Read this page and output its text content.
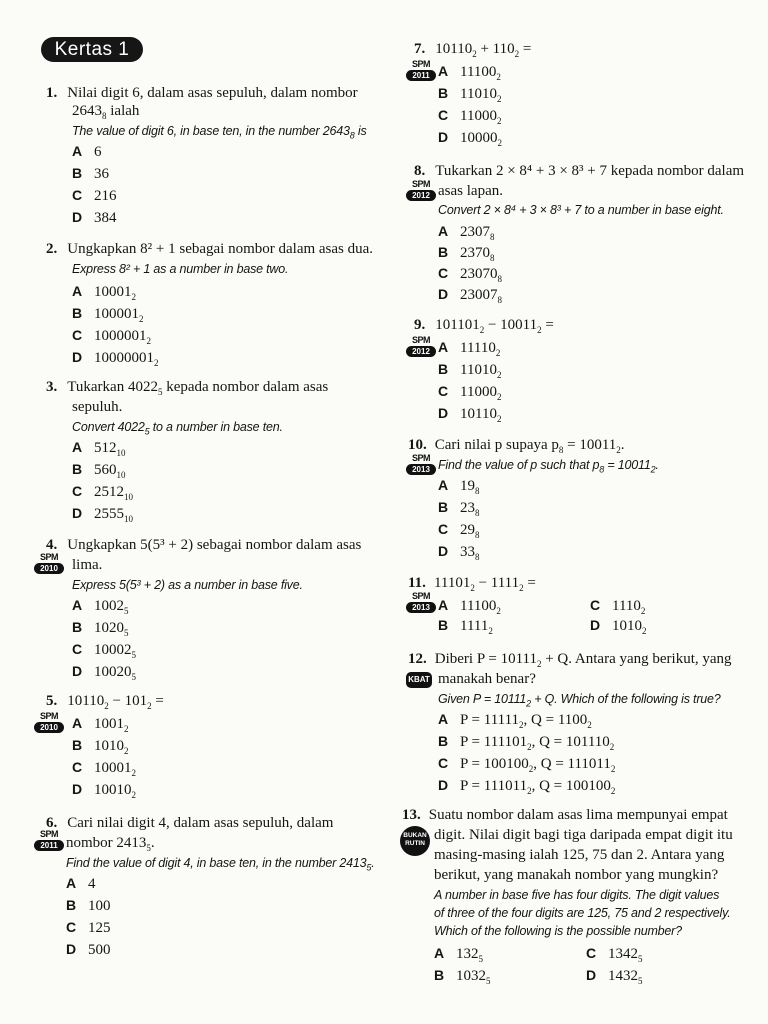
Kertas 1
1. Nilai digit 6, dalam asas sepuluh, dalam nombor
$2643_8$ ialah
The value of digit 6, in base ten, in the number $2643_8$ is
A 6
B 36
C 216
D 384
2. Ungkapkan 8² + 1 sebagai nombor dalam asas dua.
Express 8² + 1 as a number in base two.
A $10001_2$
B $100001_2$
C $1000001_2$
D $10000001_2$
3. Tukarkan $4022_5$ kepada nombor dalam asas
sepuluh.
Convert $4022_5$ to a number in base ten.
A $512_{10}$
B $560_{10}$
C $2512_{10}$
D $2555_{10}$
4. Ungkapkan 5(5³ + 2) sebagai nombor dalam asas
SPM
2010 lima.
Express 5(5³ + 2) as a number in base five.
A $1002_5$
B $1020_5$
C $10002_5$
D $10020_5$
5. $10110_2 - 101_2$ =
SPM
2010	A $1001_2$
B $1010_2$
C $10001_2$
D $10010_2$
6. Cari nilai digit 4, dalam asas sepuluh, dalam
SPM
2011 nombor $2413_5$.
Find the value of digit 4, in base ten, in the number $2413_5$.
A 4
B 100
C 125
D 500
7. $10110_2 + 110_2$ =
SPM
2011 A $11100_2$
B $11010_2$
C $11000_2$
D $10000_2$
8. Tukarkan 2 × 8⁴ + 3 × 8³ + 7 kepada nombor dalam
SPM
2012 asas lapan.
Convert 2 × 8⁴ + 3 × 8³ + 7 to a number in base eight.
A $2307_8$
B $2370_8$
C $23070_8$
D $23007_8$
9. $101101_2 - 10011_2$ =
SPM
2012 A $11110_2$
B $11010_2$
C $11000_2$
D $10110_2$
10. Cari nilai p supaya $p_8 = 10011_2$.
SPM
2013 Find the value of p such that $p_8 = 10011_2$.
A $19_8$
B $23_8$
C $29_8$
D $33_8$
11. $11101_2 - 1111_2$ =
SPM
2013 A $11100_2$
B $1111_2$
C $1110_2$
D $1010_2$
12. Diberi $P = 10111_2 + Q$. Antara yang berikut, yang
KBAT manakah benar?
Given $P = 10111_2 + Q$. Which of the following is true?
A $P = 11111_2$, $Q = 1100_2$
B $P = 111101_2$, $Q = 101110_2$
C $P = 100100_2$, $Q = 111011_2$
D $P = 111011_2$, $Q = 100100_2$
13. Suatu nombor dalam asas lima mempunyai empat
BUKAN
RUTIN
digit. Nilai digit bagi tiga daripada empat digit itu
masing-masing ialah 125, 75 dan 2. Antara yang
berikut, yang manakah nombor yang mungkin?
A number in base five has four digits. The digit values
of three of the four digits are 125, 75 and 2 respectively.
Which of the following is the possible number?
A $132_5$
B $1032_5$
C $1342_5$
D $1432_5$
